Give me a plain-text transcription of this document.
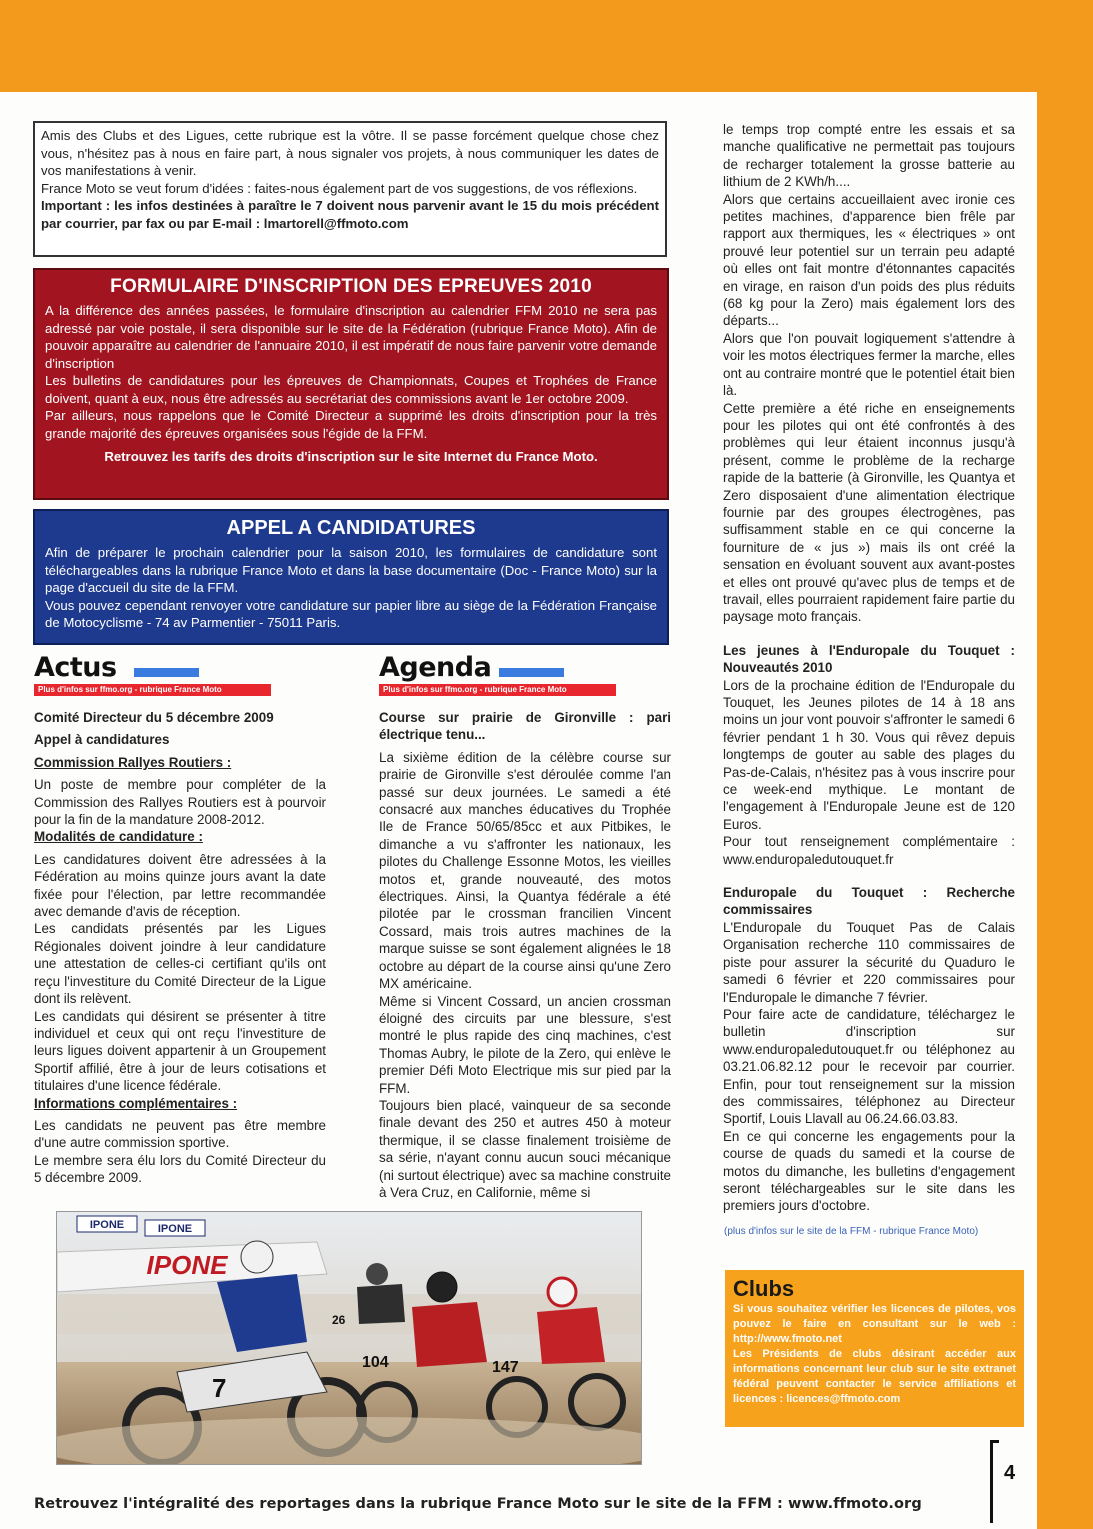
Amis des Clubs et des Ligues, cette rubrique est la vôtre. Il se passe forcément quelque chose chez vous, n'hésitez pas à nous en faire part, à nous signaler vos projets, à nous communiquer les dates de vos manifestations à venir.

France Moto se veut forum d'idées : faites-nous également part de vos suggestions, de vos réflexions.

Important : les infos destinées à paraître le 7 doivent nous parvenir avant le 15 du mois précédent par courrier, par fax ou par E-mail : lmartorell@ffmoto.com

FORMULAIRE D'INSCRIPTION DES EPREUVES 2010

A la différence des années passées, le formulaire d'inscription au calendrier FFM 2010 ne sera pas adressé par voie postale, il sera disponible sur le site de la Fédération (rubrique France Moto). Afin de pouvoir apparaître au calendrier de l'annuaire 2010, il est impératif de nous faire parvenir votre demande d'inscription

Les bulletins de candidatures pour les épreuves de Championnats, Coupes et Trophées de France doivent, quant à eux, nous être adressés au secrétariat des commissions avant le 1er octobre 2009.

Par ailleurs, nous rappelons que le Comité Directeur a supprimé les droits d'inscription pour la très grande majorité des épreuves organisées sous l'égide de la FFM.

Retrouvez les tarifs des droits d'inscription sur le site Internet du France Moto.

APPEL A CANDIDATURES

Afin de préparer le prochain calendrier pour la saison 2010, les formulaires de candidature sont téléchargeables dans la rubrique France Moto et dans la base documentaire (Doc - France Moto) sur la page d'accueil du site de la FFM.

Vous pouvez cependant renvoyer votre candidature sur papier libre au siège de la Fédération Française de Motocyclisme - 74 av Parmentier - 75011 Paris.

Actus
Plus d'infos sur ffmo.org - rubrique France Moto

Comité Directeur du 5 décembre 2009

Appel à candidatures

Commission Rallyes Routiers :

Un poste de membre pour compléter de la Commission des Rallyes Routiers est à pourvoir pour la fin de la mandature 2008-2012.

Modalités de candidature :

Les candidatures doivent être adressées à la Fédération au moins quinze jours avant la date fixée pour l'élection, par lettre recommandée avec demande d'avis de réception.

Les candidats présentés par les Ligues Régionales doivent joindre à leur candidature une attestation de celles-ci certifiant qu'ils ont reçu l'investiture du Comité Directeur de la Ligue dont ils relèvent.

Les candidats qui désirent se présenter à titre individuel et ceux qui ont reçu l'investiture de leurs ligues doivent appartenir à un Groupement Sportif affilié, être à jour de leurs cotisations et titulaires d'une licence fédérale.

Informations complémentaires :

Les candidats ne peuvent pas être membre d'une autre commission sportive.

Le membre sera élu lors du Comité Directeur du 5 décembre 2009.

Agenda
Plus d'infos sur ffmo.org - rubrique France Moto

Course sur prairie de Gironville : pari électrique tenu...

La sixième édition de la célèbre course sur prairie de Gironville s'est déroulée comme l'an passé sur deux journées. Le samedi a été consacré aux manches éducatives du Trophée Ile de France 50/65/85cc et aux Pitbikes, le dimanche a vu s'affronter les nationaux, les pilotes du Challenge Essonne Motos, les vieilles motos et, grande nouveauté, des motos électriques. Ainsi, la Quantya fédérale a été pilotée par le crossman francilien Vincent Cossard, mais trois autres machines de la marque suisse se sont également alignées le 18 octobre au départ de la course ainsi qu'une Zero MX américaine.

Même si Vincent Cossard, un ancien crossman éloigné des circuits par une blessure, s'est montré le plus rapide des cinq machines, c'est Thomas Aubry, le pilote de la Zero, qui enlève le premier Défi Moto Electrique mis sur pied par la FFM.

Toujours bien placé, vainqueur de sa seconde finale devant des 250 et autres 450 à moteur thermique, il se classe finalement troisième de sa série, n'ayant connu aucun souci mécanique (ni surtout électrique) avec sa machine construite à Vera Cruz, en Californie, même si

le temps trop compté entre les essais et sa manche qualificative ne permettait pas toujours de recharger totalement la grosse batterie au lithium de 2 KWh/h....

Alors que certains accueillaient avec ironie ces petites machines, d'apparence bien frêle par rapport aux thermiques, les « électriques » ont prouvé leur potentiel sur un terrain peu adapté où elles ont fait montre d'étonnantes capacités en virage, en raison d'un poids des plus réduits (68 kg pour la Zero) mais également lors des départs...

Alors que l'on pouvait logiquement s'attendre à voir les motos électriques fermer la marche, elles ont au contraire montré que le potentiel était bien là.

Cette première a été riche en enseignements pour les pilotes qui ont été confrontés à des problèmes qui leur étaient inconnus jusqu'à présent, comme le problème de la recharge rapide de la batterie (à Gironville, les Quantya et Zero disposaient d'une alimentation électrique fournie par des groupes électrogènes, pas suffisamment stable en ce qui concerne la fourniture de « jus ») mais ils ont créé la sensation en évoluant souvent aux avant-postes et elles ont prouvé qu'avec plus de temps et de travail, elles pourraient rapidement faire partie du paysage moto français.

Les jeunes à l'Enduropale du Touquet : Nouveautés 2010

Lors de la prochaine édition de l'Enduropale du Touquet, les Jeunes pilotes de 14 à 18 ans moins un jour vont pouvoir s'affronter le samedi 6 février pendant 1 h 30. Vous qui rêvez depuis longtemps de gouter au sable des plages du Pas-de-Calais, n'hésitez pas à vous inscrire pour ce week-end mythique. Le montant de l'engagement à l'Enduropale Jeune est de 120 Euros.

Pour tout renseignement complémentaire : www.enduropaledutouquet.fr

Enduropale du Touquet : Recherche commissaires

L'Enduropale du Touquet Pas de Calais Organisation recherche 110 commissaires de piste pour assurer la sécurité du Quaduro le samedi 6 février et 220 commissaires pour l'Enduropale le dimanche 7 février.

Pour faire acte de candidature, téléchargez le bulletin d'inscription sur www.enduropaledutouquet.fr ou téléphonez au 03.21.06.82.12 pour le recevoir par courrier. Enfin, pour tout renseignement sur la mission des commissaires, téléphonez au Directeur Sportif, Louis Llavall au 06.24.66.03.83.

En ce qui concerne les engagements pour la course de quads du samedi et la course de motos du dimanche, les bulletins d'engagement seront téléchargeables sur le site dans les premiers jours d'octobre.

(plus d'infos sur le site de la FFM - rubrique France Moto)
IPONE	IPONE
IPONE
7
104	147
26
Clubs

Si vous souhaitez vérifier les licences de pilotes, vos pouvez le faire en consultant sur le web : http://www.fmoto.net

Les Présidents de clubs désirant accéder aux informations concernant leur club sur le site extranet fédéral peuvent contacter le service affiliations et licences : licences@ffmoto.com

Retrouvez l'intégralité des reportages dans la rubrique France Moto sur le site de la FFM : www.ffmoto.org
4
